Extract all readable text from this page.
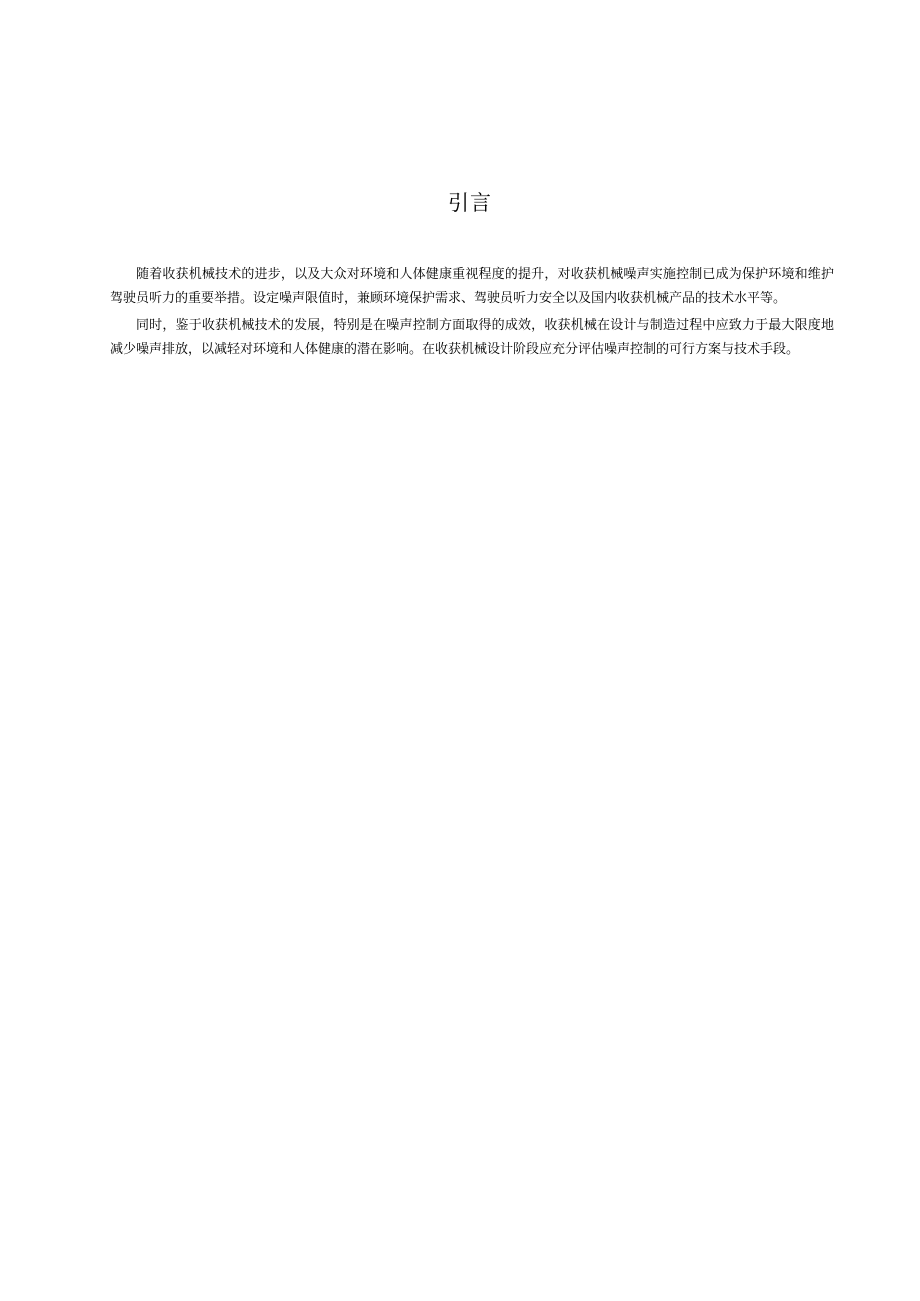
引言

随着收获机械技术的进步，以及大众对环境和人体健康重视程度的提升，对收获机械噪声实施控制已成为保护环境和维护驾驶员听力的重要举措。设定噪声限值时，兼顾环境保护需求、驾驶员听力安全以及国内收获机械产品的技术水平等。

同时，鉴于收获机械技术的发展，特别是在噪声控制方面取得的成效，收获机械在设计与制造过程中应致力于最大限度地减少噪声排放，以减轻对环境和人体健康的潜在影响。在收获机械设计阶段应充分评估噪声控制的可行方案与技术手段。
